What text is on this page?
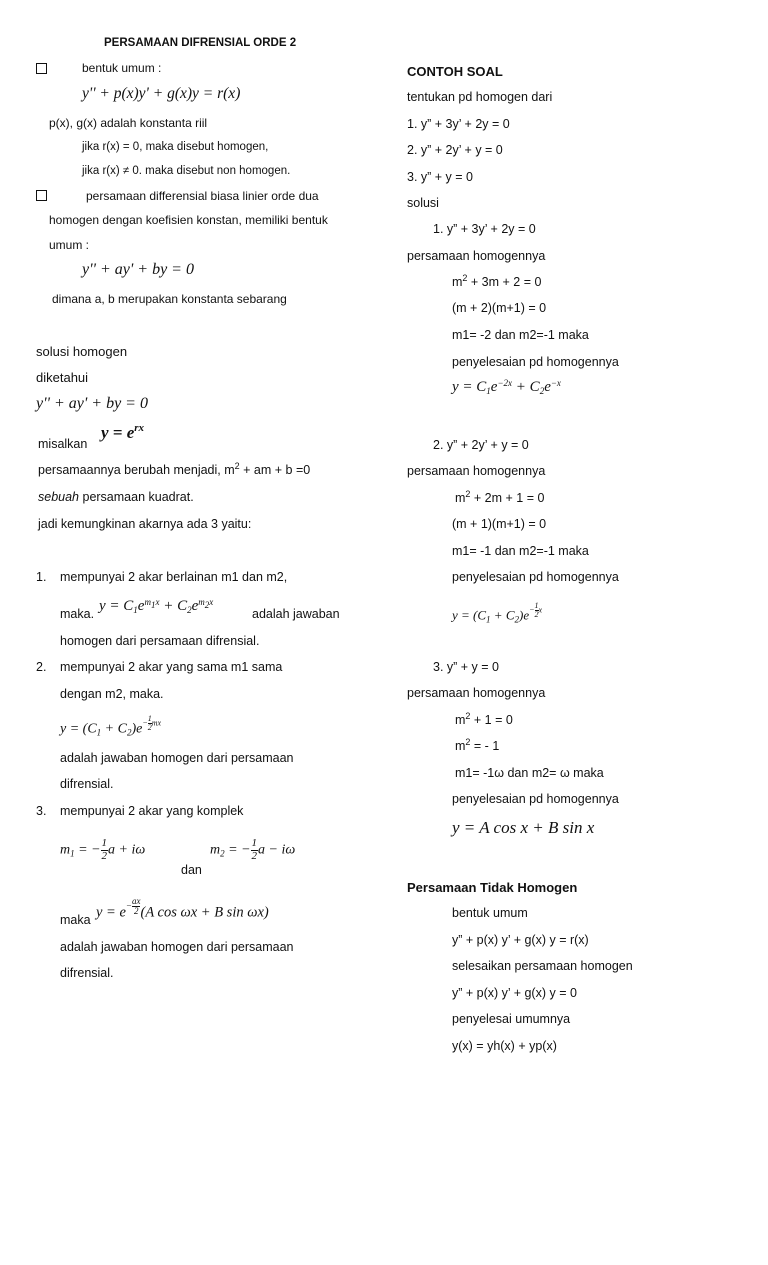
PERSAMAAN DIFRENSIAL ORDE 2
bentuk umum :
y'' + p(x)y' + g(x)y = r(x)
p(x), g(x) adalah konstanta riil
jika r(x) = 0, maka disebut homogen,
jika r(x) ≠ 0. maka disebut non homogen.
persamaan differensial biasa linier orde dua
homogen dengan koefisien konstan, memiliki bentuk
umum :
y'' + ay' + by = 0
dimana a, b merupakan konstanta sebarang
solusi homogen
diketahui
y'' + ay' + by = 0
misalkan
$y = e^{rx}$
persamaannya berubah menjadi, $m^2$ + am + b =0
sebuah persamaan kuadrat.
jadi kemungkinan akarnya ada 3 yaitu:
1. mempunyai 2 akar berlainan m1 dan m2,
maka. $y = C_1e^{m_1x} + C_2e^{m_2x}$
adalah jawaban
homogen dari persamaan difrensial.
2. mempunyai 2 akar yang sama m1 sama
dengan m2, maka.
$y = (C_1 + C_2)e- \frac{1}{2}$ mx
adalah jawaban homogen dari persamaan
difrensial.
3. mempunyai 2 akar yang komplek
$m_1$ = − $\frac{1}{2}$ a + iω
dan
$m_2$ = − $\frac{1}{2}$ a − iω
maka $y = e- \frac{ax}{2} (A$ cos ωx + B sin ωx)
adalah jawaban homogen dari persamaan
difrensial.
CONTOH SOAL
tentukan pd homogen dari
1. y” + 3y’ + 2y = 0
2. y” + 2y’ + y = 0
3. y” + y = 0
solusi
1. y” + 3y’ + 2y = 0
persamaan homogennya
$m^2 + 3m + 2 = 0$
(m + 2)(m+1) = 0
m1= -2 dan m2=-1 maka
penyelesaian pd homogennya
$y = C_1e^{-2x} + C_2e^{-x}$
2. y” + 2y’ + y = 0
persamaan homogennya
$m^2 + 2m + 1 = 0$
(m + 1)(m+1) = 0
m1= -1 dan m2=-1 maka
penyelesaian pd homogennya
$y = (C_1 + C_2)e- \frac{1}{2}$ x
3. y” + y = 0
persamaan homogennya
$m^2 + 1 = 0$
$m^2$ = - 1
m1= -1ω dan m2= ω maka
penyelesaian pd homogennya
y = A cos x + B sin x
Persamaan Tidak Homogen
bentuk umum
y” + p(x) y’ + g(x) y = r(x)
selesaikan persamaan homogen
y” + p(x) y’ + g(x) y = 0
penyelesai umumnya
y(x) = yh(x) + yp(x)
